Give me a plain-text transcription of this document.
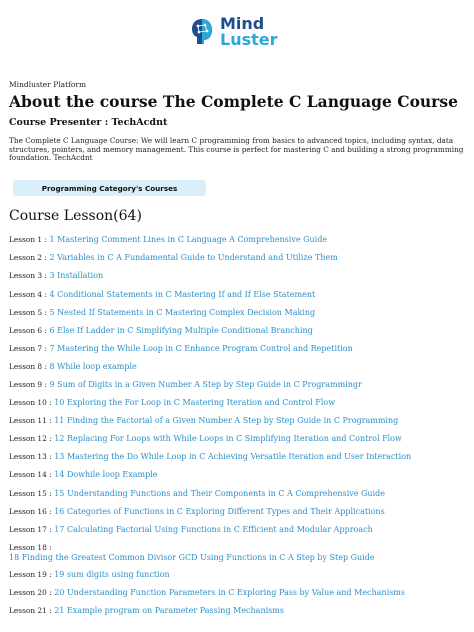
Mind
Luster
Mindluster Platform
About the course The Complete C Language Course
Course Presenter : TechAcdnt

The Complete C Language Course: We will learn C programming from basics to advanced topics, including syntax, data structures, pointers, and memory management. This course is perfect for mastering C and building a strong programming foundation. TechAcdnt

Programming Category's Courses
Course Lesson(64)
Lesson 1 : 1 Mastering Comment Lines in C Language A Comprehensive Guide
Lesson 2 : 2 Variables in C A Fundamental Guide to Understand and Utilize Them
Lesson 3 : 3 Installation
Lesson 4 : 4 Conditional Statements in C Mastering If and If Else Statement
Lesson 5 : 5 Nested If Statements in C Mastering Complex Decision Making
Lesson 6 : 6 Else If Ladder in C Simplifying Multiple Conditional Branching
Lesson 7 : 7 Mastering the While Loop in C Enhance Program Control and Repetition
Lesson 8 : 8 While loop example
Lesson 9 : 9 Sum of Digits in a Given Number A Step by Step Guide in C Programmingr
Lesson 10 : 10 Exploring the For Loop in C Mastering Iteration and Control Flow
Lesson 11 : 11 Finding the Factorial of a Given Number A Step by Step Guide in C Programming
Lesson 12 : 12 Replacing For Loops with While Loops in C Simplifying Iteration and Control Flow
Lesson 13 : 13 Mastering the Do While Loop in C Achieving Versatile Iteration and User Interaction
Lesson 14 : 14 Dowhile loop Example
Lesson 15 : 15 Understanding Functions and Their Components in C A Comprehensive Guide
Lesson 16 : 16 Categories of Functions in C Exploring Different Types and Their Applications
Lesson 17 : 17 Calculating Factorial Using Functions in C Efficient and Modular Approach
Lesson 18 :
18 Finding the Greatest Common Divisor GCD Using Functions in C A Step by Step Guide
Lesson 19 : 19 sum digits using function
Lesson 20 : 20 Understanding Function Parameters in C Exploring Pass by Value and Mechanisms
Lesson 21 : 21 Example program on Parameter Passing Mechanisms
